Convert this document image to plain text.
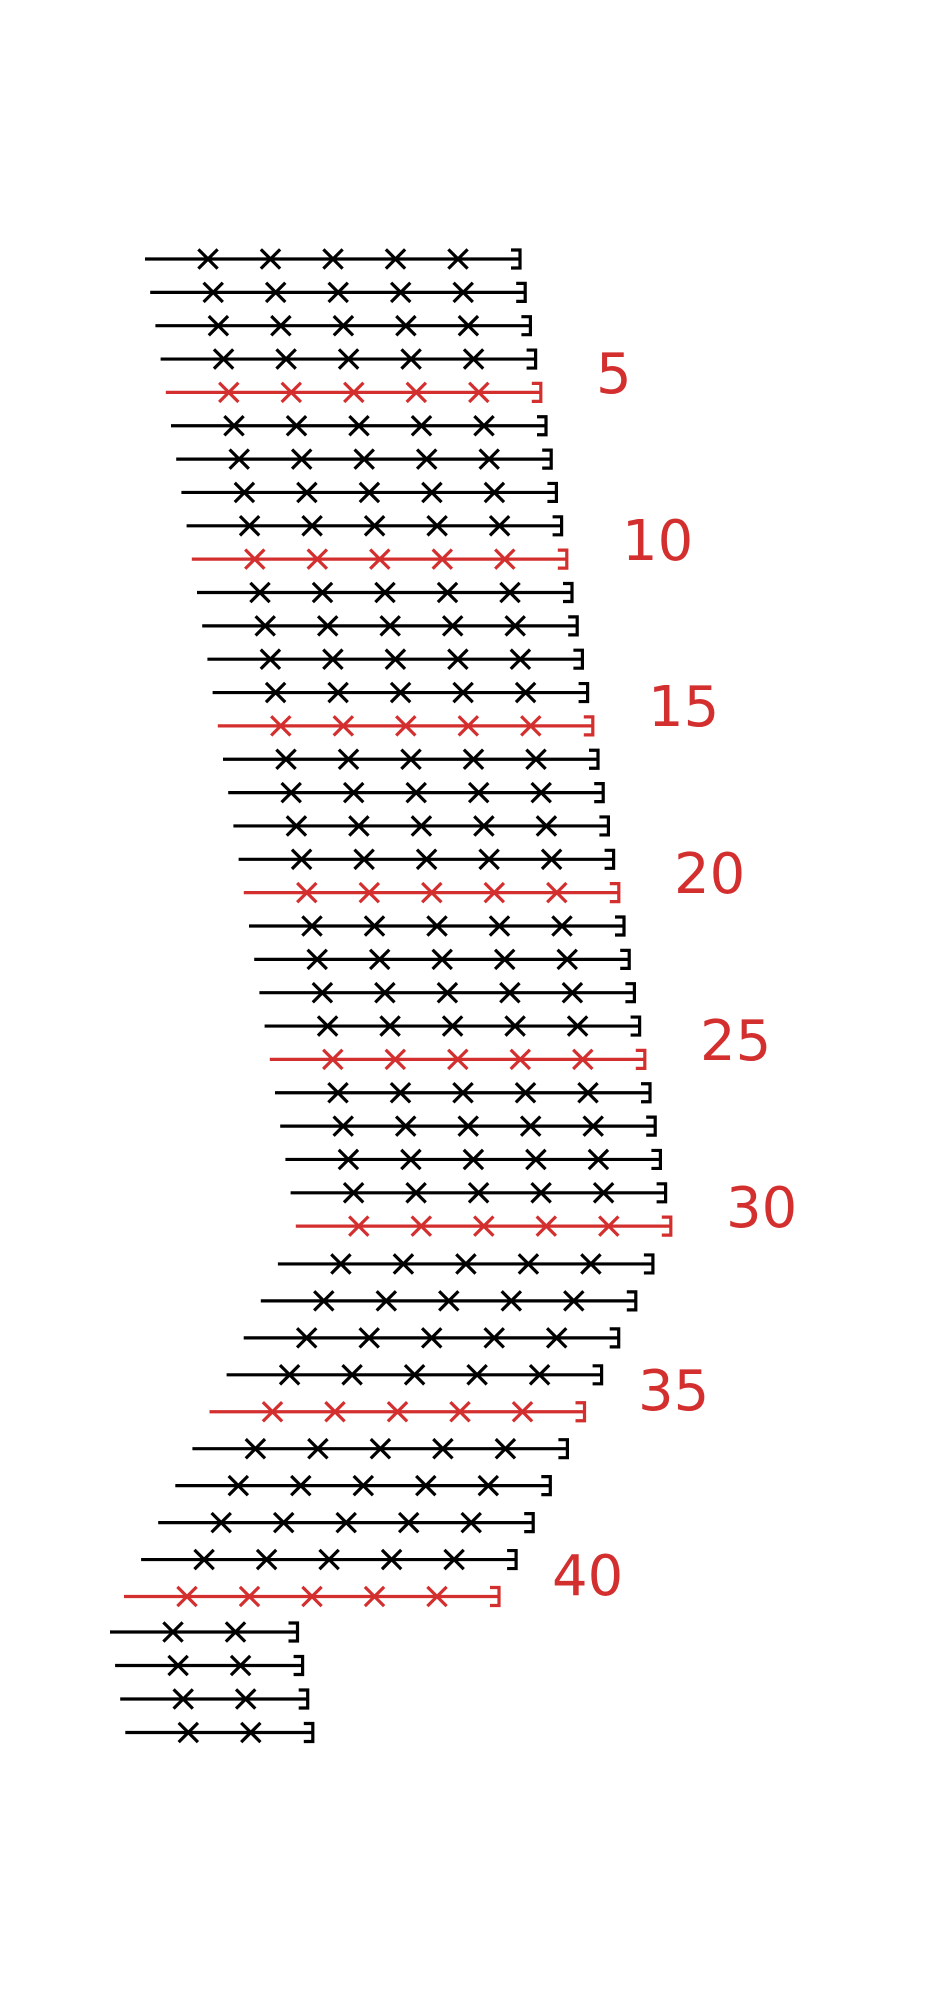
5
10
15
20
25
30
35
40
